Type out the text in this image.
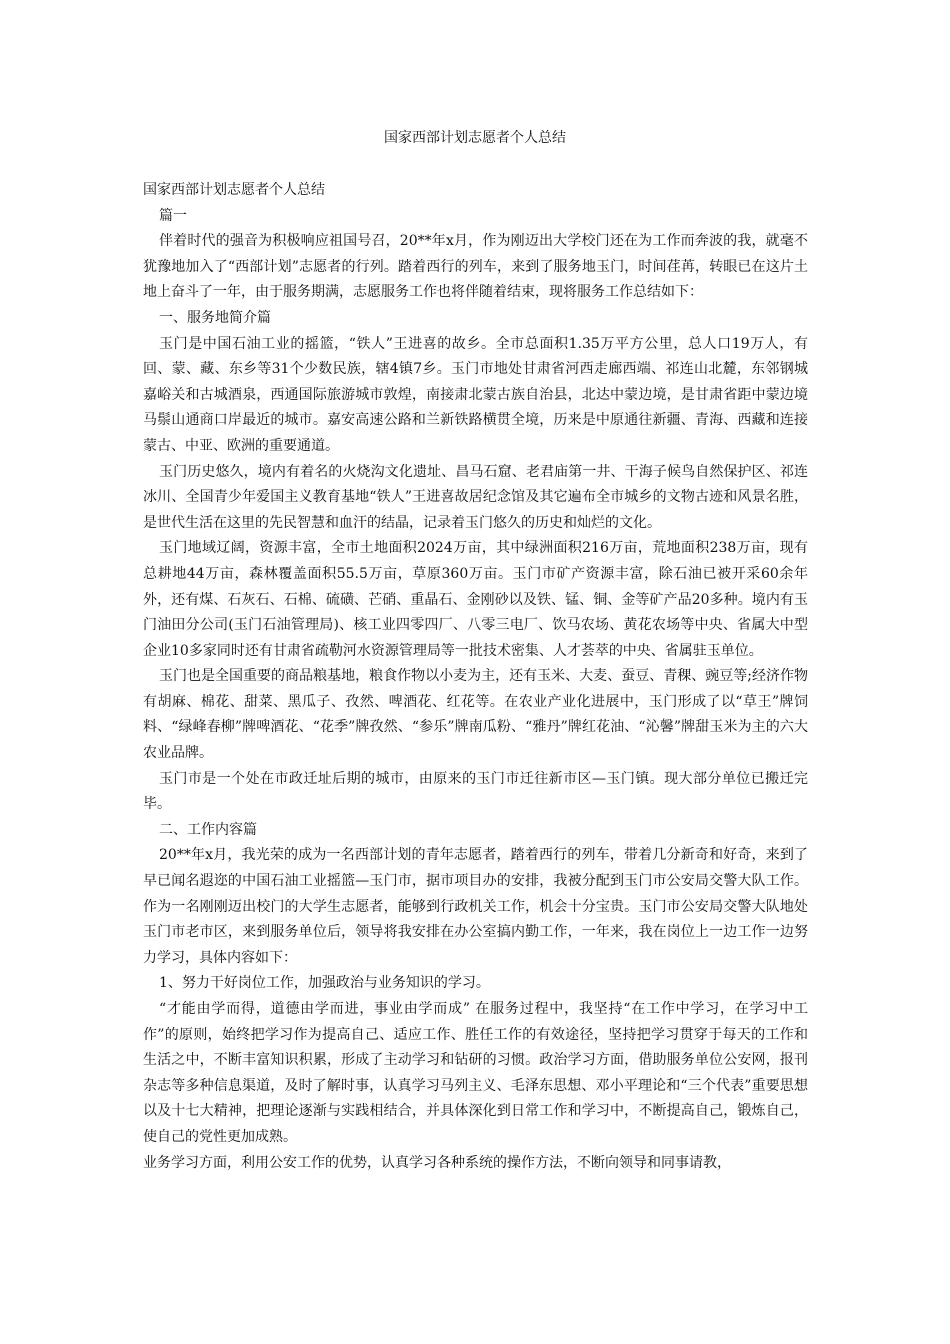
国家西部计划志愿者个人总结

国家西部计划志愿者个人总结

篇一

伴着时代的强音为积极响应祖国号召，20**年x月，作为刚迈出大学校门还在为工作而奔波的我，就毫不犹豫地加入了“西部计划”志愿者的行列。踏着西行的列车，来到了服务地玉门，时间荏苒，转眼已在这片土地上奋斗了一年，由于服务期满，志愿服务工作也将伴随着结束，现将服务工作总结如下：

一、服务地简介篇

玉门是中国石油工业的摇篮，“铁人”王进喜的故乡。全市总面积1.35万平方公里，总人口19万人，有回、蒙、藏、东乡等31个少数民族，辖4镇7乡。玉门市地处甘肃省河西走廊西端、祁连山北麓，东邻钢城嘉峪关和古城酒泉，西通国际旅游城市敦煌，南接肃北蒙古族自治县，北达中蒙边境，是甘肃省距中蒙边境马鬃山通商口岸最近的城市。嘉安高速公路和兰新铁路横贯全境，历来是中原通往新疆、青海、西藏和连接蒙古、中亚、欧洲的重要通道。

玉门历史悠久，境内有着名的火烧沟文化遗址、昌马石窟、老君庙第一井、干海子候鸟自然保护区、祁连冰川、全国青少年爱国主义教育基地“铁人”王进喜故居纪念馆及其它遍布全市城乡的文物古迹和风景名胜，是世代生活在这里的先民智慧和血汗的结晶，记录着玉门悠久的历史和灿烂的文化。

玉门地域辽阔，资源丰富，全市土地面积2024万亩，其中绿洲面积216万亩，荒地面积238万亩，现有总耕地44万亩，森林覆盖面积55.5万亩，草原360万亩。玉门市矿产资源丰富，除石油已被开采60余年外，还有煤、石灰石、石棉、硫磺、芒硝、重晶石、金刚砂以及铁、锰、铜、金等矿产品20多种。境内有玉门油田分公司(玉门石油管理局)、核工业四零四厂、八零三电厂、饮马农场、黄花农场等中央、省属大中型企业10多家同时还有甘肃省疏勒河水资源管理局等一批技术密集、人才荟萃的中央、省属驻玉单位。

玉门也是全国重要的商品粮基地，粮食作物以小麦为主，还有玉米、大麦、蚕豆、青稞、豌豆等;经济作物有胡麻、棉花、甜菜、黑瓜子、孜然、啤酒花、红花等。在农业产业化进展中，玉门形成了以“草王”牌饲料、“绿峰春柳”牌啤酒花、“花季”牌孜然、“参乐”牌南瓜粉、“雅丹”牌红花油、“沁馨”牌甜玉米为主的六大农业品牌。

玉门市是一个处在市政迁址后期的城市，由原来的玉门市迁往新市区—玉门镇。现大部分单位已搬迁完毕。

二、工作内容篇

20**年x月，我光荣的成为一名西部计划的青年志愿者，踏着西行的列车，带着几分新奇和好奇，来到了早已闻名遐迩的中国石油工业摇篮—玉门市，据市项目办的安排，我被分配到玉门市公安局交警大队工作。作为一名刚刚迈出校门的大学生志愿者，能够到行政机关工作，机会十分宝贵。玉门市公安局交警大队地处玉门市老市区，来到服务单位后，领导将我安排在办公室搞内勤工作，一年来，我在岗位上一边工作一边努力学习，具体内容如下：

1、努力干好岗位工作，加强政治与业务知识的学习。

“才能由学而得，道德由学而进，事业由学而成” 在服务过程中，我坚持“在工作中学习，在学习中工作”的原则，始终把学习作为提高自己、适应工作、胜任工作的有效途径，坚持把学习贯穿于每天的工作和生活之中，不断丰富知识积累，形成了主动学习和钻研的习惯。政治学习方面，借助服务单位公安网，报刊杂志等多种信息渠道，及时了解时事，认真学习马列主义、毛泽东思想、邓小平理论和“三个代表”重要思想以及十七大精神，把理论逐渐与实践相结合，并具体深化到日常工作和学习中，不断提高自己，锻炼自己，使自己的党性更加成熟。

业务学习方面，利用公安工作的优势，认真学习各种系统的操作方法，不断向领导和同事请教，
